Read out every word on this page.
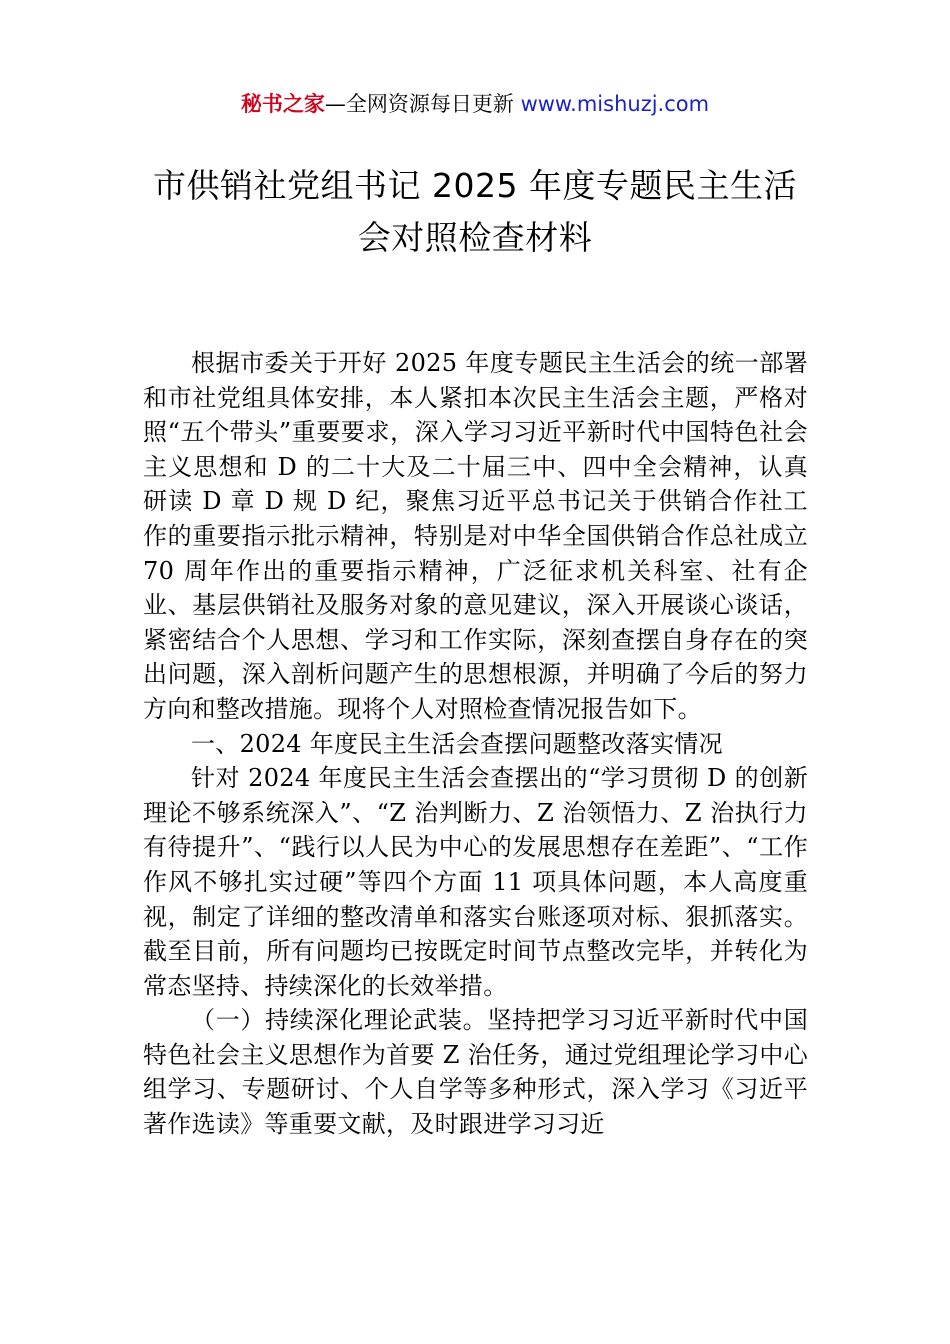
秘书之家—全网资源每日更新 www.mishuzj.com
市供销社党组书记 2025 年度专题民主生活
会对照检查材料

根据市委关于开好 2025 年度专题民主生活会的统一部署和市社党组具体安排，本人紧扣本次民主生活会主题，严格对照“五个带头”重要要求，深入学习习近平新时代中国特色社会主义思想和 D 的二十大及二十届三中、四中全会精神，认真研读 D 章 D 规 D 纪，聚焦习近平总书记关于供销合作社工作的重要指示批示精神，特别是对中华全国供销合作总社成立 70 周年作出的重要指示精神，广泛征求机关科室、社有企业、基层供销社及服务对象的意见建议，深入开展谈心谈话，紧密结合个人思想、学习和工作实际，深刻查摆自身存在的突出问题，深入剖析问题产生的思想根源，并明确了今后的努力方向和整改措施。现将个人对照检查情况报告如下。

一、2024 年度民主生活会查摆问题整改落实情况

针对 2024 年度民主生活会查摆出的“学习贯彻 D 的创新理论不够系统深入”、“Z 治判断力、Z 治领悟力、Z 治执行力有待提升”、“践行以人民为中心的发展思想存在差距”、“工作作风不够扎实过硬”等四个方面 11 项具体问题，本人高度重视，制定了详细的整改清单和落实台账逐项对标、狠抓落实。截至目前，所有问题均已按既定时间节点整改完毕，并转化为常态坚持、持续深化的长效举措。

（一）持续深化理论武装。坚持把学习习近平新时代中国特色社会主义思想作为首要 Z 治任务，通过党组理论学习中心组学习、专题研讨、个人自学等多种形式，深入学习《习近平著作选读》等重要文献，及时跟进学习习近
